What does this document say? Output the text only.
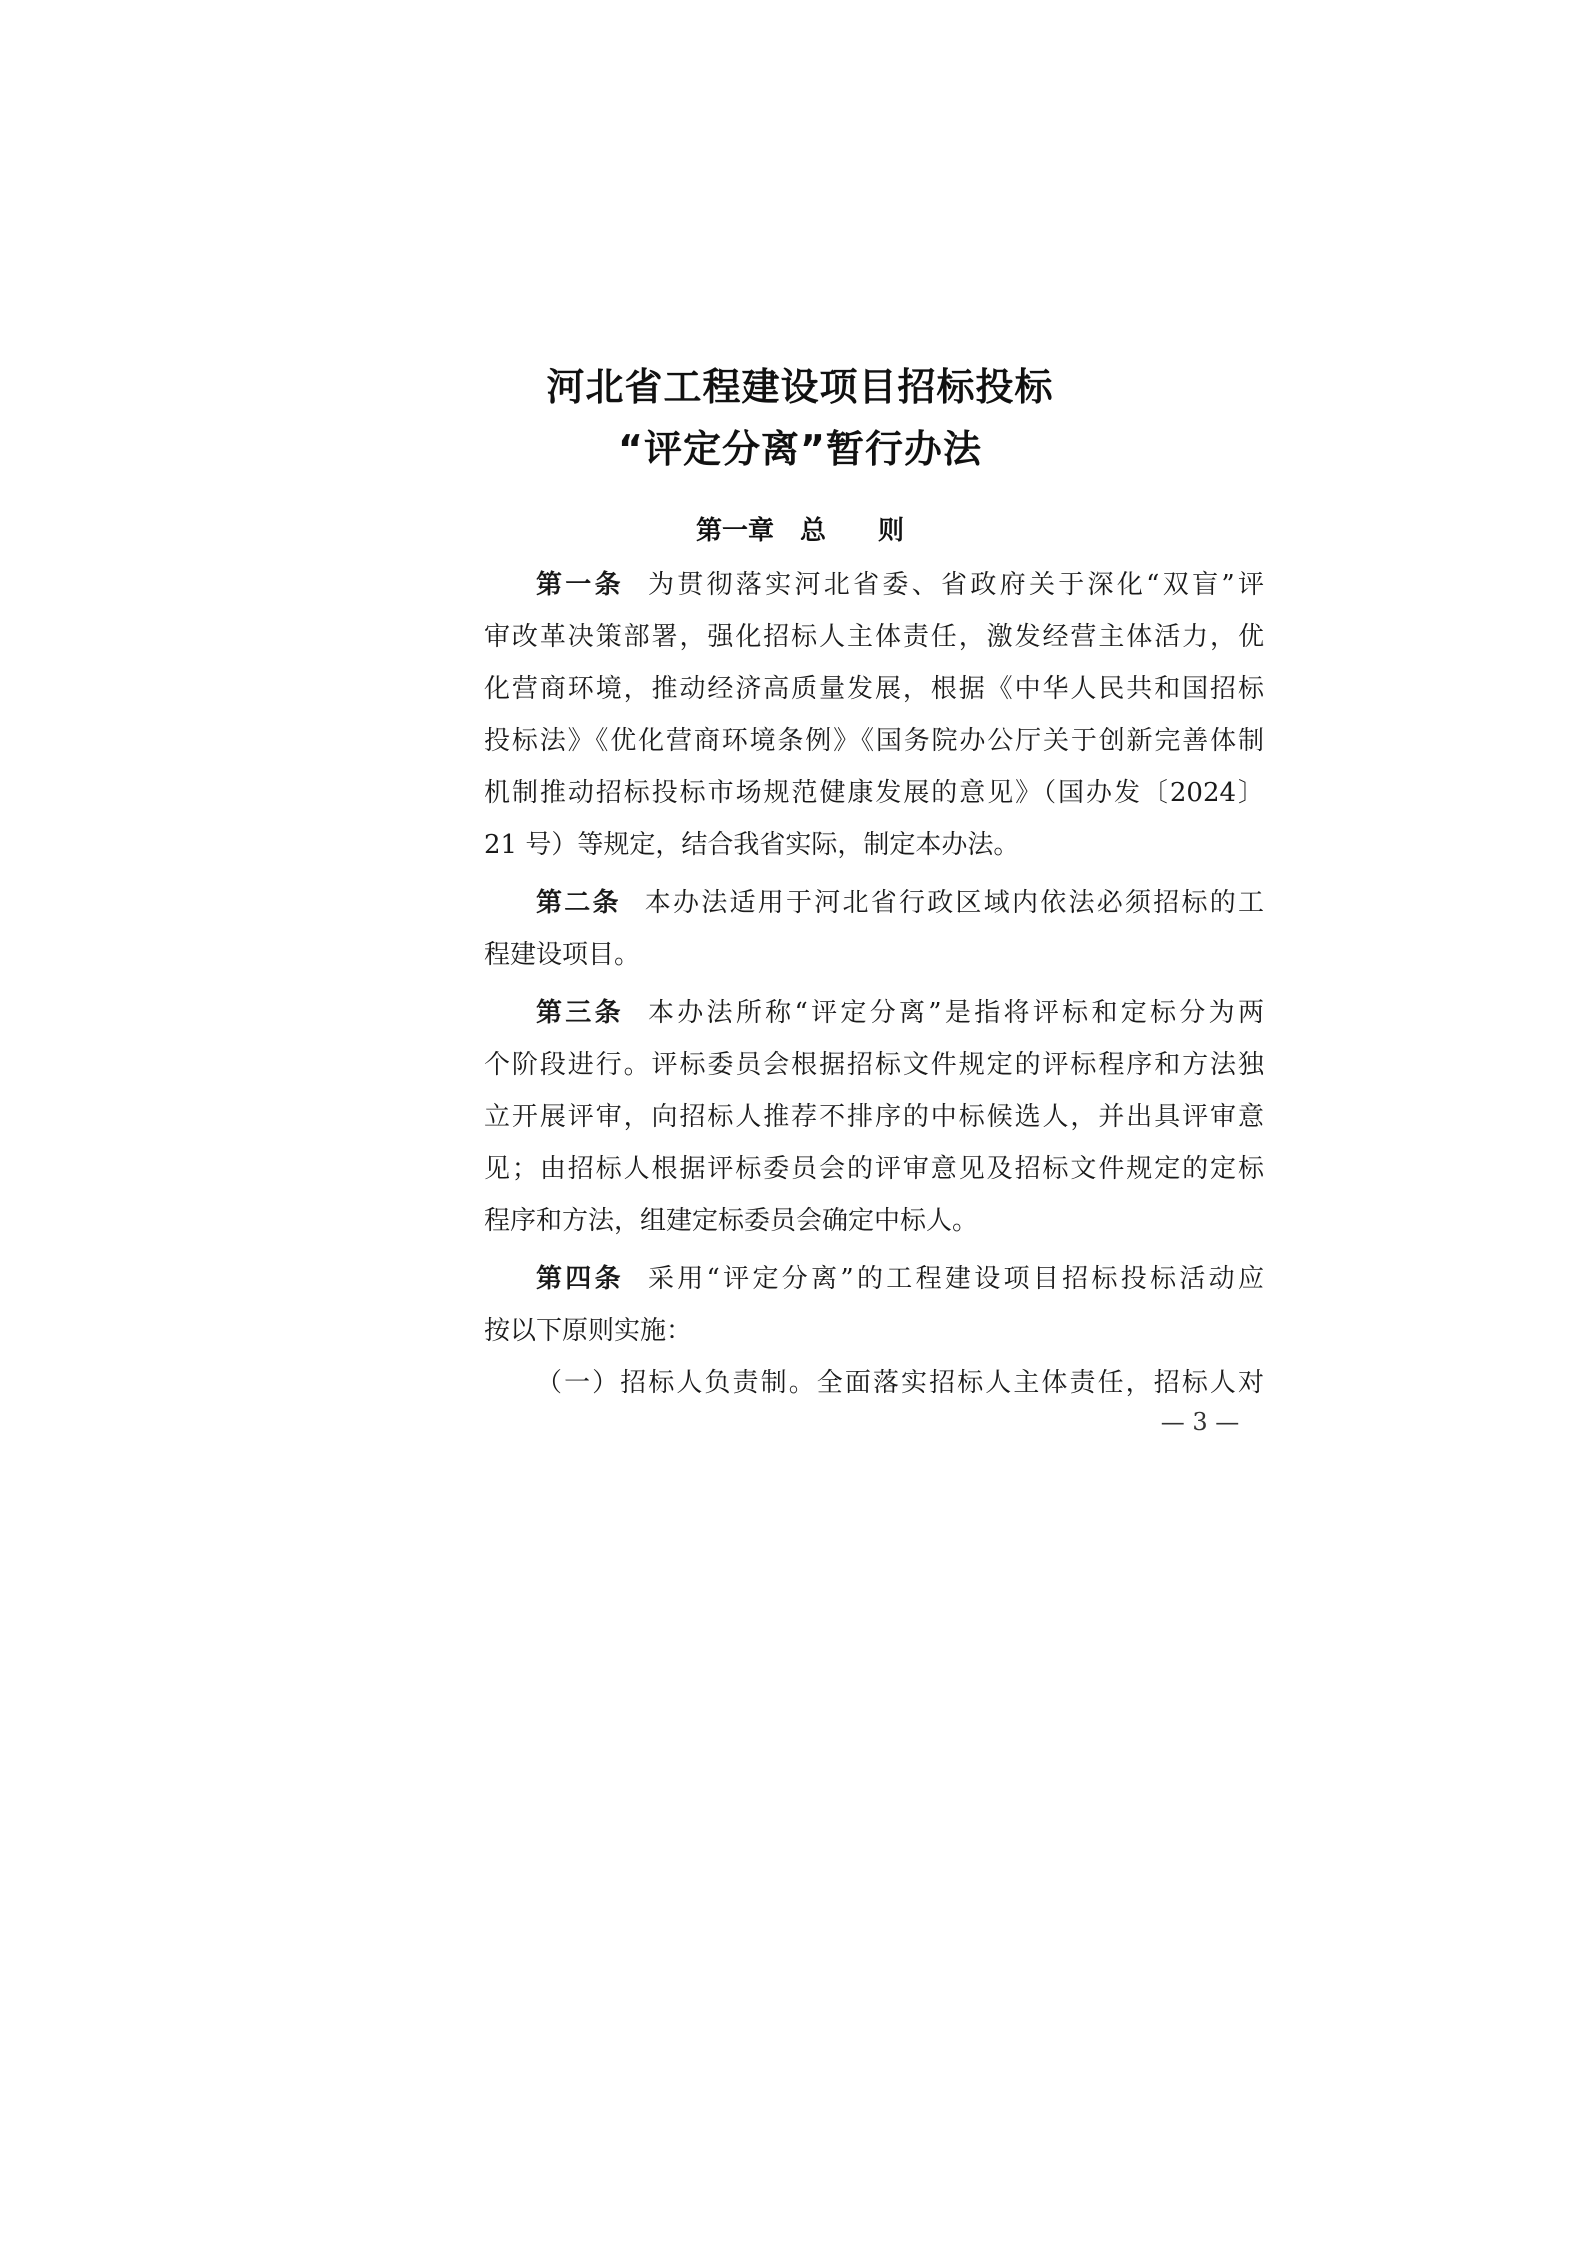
河北省工程建设项目招标投标
“评定分离”暂行办法
第一章　总　　则
第一条 为贯彻落实河北省委、省政府关于深化“双盲”评
审改革决策部署，强化招标人主体责任，激发经营主体活力，优
化营商环境，推动经济高质量发展，根据《中华人民共和国招标
投标法》《优化营商环境条例》《国务院办公厅关于创新完善体制
机制推动招标投标市场规范健康发展的意见》（国办发〔2024〕
21 号）等规定，结合我省实际，制定本办法。
第二条 本办法适用于河北省行政区域内依法必须招标的工
程建设项目。
第三条 本办法所称“评定分离”是指将评标和定标分为两
个阶段进行。评标委员会根据招标文件规定的评标程序和方法独
立开展评审，向招标人推荐不排序的中标候选人，并出具评审意
见；由招标人根据评标委员会的评审意见及招标文件规定的定标
程序和方法，组建定标委员会确定中标人。
第四条 采用“评定分离”的工程建设项目招标投标活动应
按以下原则实施：
（一）招标人负责制。全面落实招标人主体责任，招标人对
— 3 —
